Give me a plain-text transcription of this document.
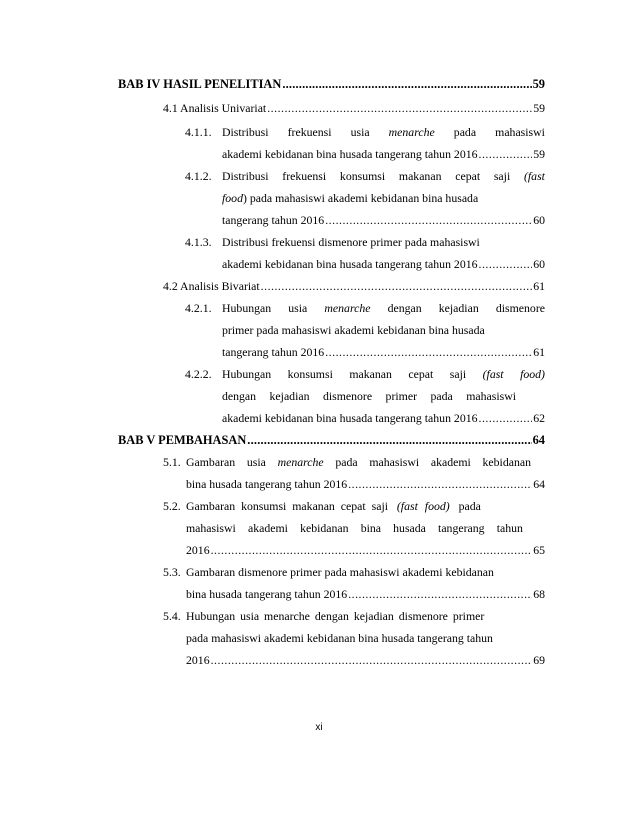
BAB IV HASIL PENELITIAN .....	59
4.1 Analisis Univariat .....	59
4.1.1. Distribusi frekuensi usia menarche pada mahasiswi
akademi kebidanan bina husada tangerang tahun 2016 .....	59
4.1.2. Distribusi frekuensi konsumsi makanan cepat saji (fast
food) pada mahasiswi akademi kebidanan bina husada
tangerang tahun 2016 .....	60
4.1.3. Distribusi frekuensi dismenore primer pada mahasiswi
akademi kebidanan bina husada tangerang tahun 2016 .....	60
4.2 Analisis Bivariat .....	61
4.2.1. Hubungan usia menarche dengan kejadian dismenore
primer pada mahasiswi akademi kebidanan bina husada
tangerang tahun 2016 .....	61
4.2.2. Hubungan konsumsi makanan cepat saji (fast food)
dengan kejadian dismenore primer pada mahasiswi
akademi kebidanan bina husada tangerang tahun 2016 .....	62
BAB V PEMBAHASAN .....	64
5.1. Gambaran usia menarche pada mahasiswi akademi kebidanan
bina husada tangerang tahun 2016 .....	64
5.2. Gambaran konsumsi makanan cepat saji (fast food) pada
mahasiswi akademi kebidanan bina husada tangerang tahun
2016 .....	65
5.3. Gambaran dismenore primer pada mahasiswi akademi kebidanan
bina husada tangerang tahun 2016 .....	68
5.4. Hubungan usia menarche dengan kejadian dismenore primer
pada mahasiswi akademi kebidanan bina husada tangerang tahun
2016 .....	69
xi
